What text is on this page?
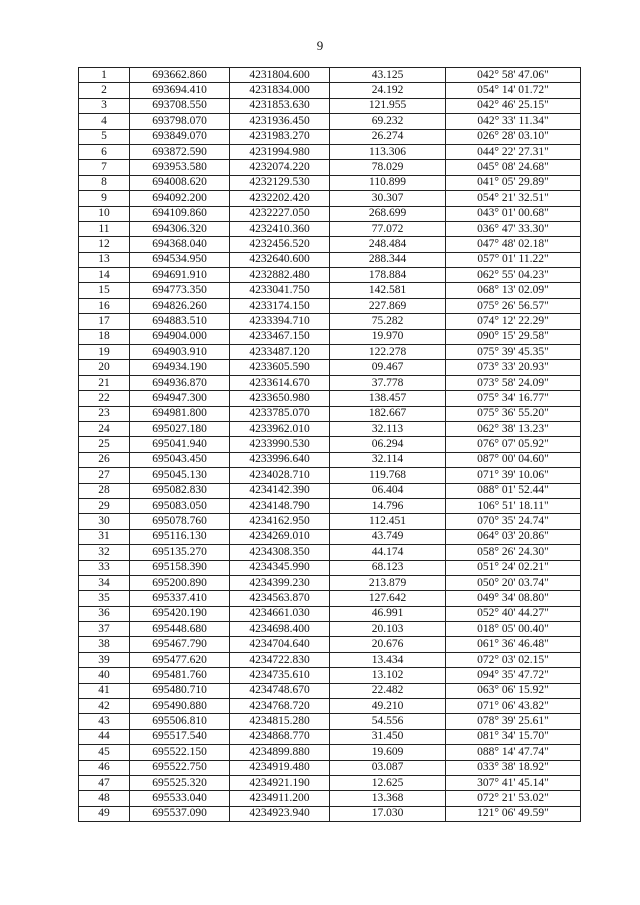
9
1	693662.860	4231804.600	43.125	042° 58' 47.06"
2	693694.410	4231834.000	24.192	054° 14' 01.72"
3	693708.550	4231853.630	121.955	042° 46' 25.15"
4	693798.070	4231936.450	69.232	042° 33' 11.34"
5	693849.070	4231983.270	26.274	026° 28' 03.10"
6	693872.590	4231994.980	113.306	044° 22' 27.31"
7	693953.580	4232074.220	78.029	045° 08' 24.68"
8	694008.620	4232129.530	110.899	041° 05' 29.89"
9	694092.200	4232202.420	30.307	054° 21' 32.51"
10	694109.860	4232227.050	268.699	043° 01' 00.68"
11	694306.320	4232410.360	77.072	036° 47' 33.30"
12	694368.040	4232456.520	248.484	047° 48' 02.18"
13	694534.950	4232640.600	288.344	057° 01' 11.22"
14	694691.910	4232882.480	178.884	062° 55' 04.23"
15	694773.350	4233041.750	142.581	068° 13' 02.09"
16	694826.260	4233174.150	227.869	075° 26' 56.57"
17	694883.510	4233394.710	75.282	074° 12' 22.29"
18	694904.000	4233467.150	19.970	090° 15' 29.58"
19	694903.910	4233487.120	122.278	075° 39' 45.35"
20	694934.190	4233605.590	09.467	073° 33' 20.93"
21	694936.870	4233614.670	37.778	073° 58' 24.09"
22	694947.300	4233650.980	138.457	075° 34' 16.77"
23	694981.800	4233785.070	182.667	075° 36' 55.20"
24	695027.180	4233962.010	32.113	062° 38' 13.23"
25	695041.940	4233990.530	06.294	076° 07' 05.92"
26	695043.450	4233996.640	32.114	087° 00' 04.60"
27	695045.130	4234028.710	119.768	071° 39' 10.06"
28	695082.830	4234142.390	06.404	088° 01' 52.44"
29	695083.050	4234148.790	14.796	106° 51' 18.11"
30	695078.760	4234162.950	112.451	070° 35' 24.74"
31	695116.130	4234269.010	43.749	064° 03' 20.86"
32	695135.270	4234308.350	44.174	058° 26' 24.30"
33	695158.390	4234345.990	68.123	051° 24' 02.21"
34	695200.890	4234399.230	213.879	050° 20' 03.74"
35	695337.410	4234563.870	127.642	049° 34' 08.80"
36	695420.190	4234661.030	46.991	052° 40' 44.27"
37	695448.680	4234698.400	20.103	018° 05' 00.40"
38	695467.790	4234704.640	20.676	061° 36' 46.48"
39	695477.620	4234722.830	13.434	072° 03' 02.15"
40	695481.760	4234735.610	13.102	094° 35' 47.72"
41	695480.710	4234748.670	22.482	063° 06' 15.92"
42	695490.880	4234768.720	49.210	071° 06' 43.82"
43	695506.810	4234815.280	54.556	078° 39' 25.61"
44	695517.540	4234868.770	31.450	081° 34' 15.70"
45	695522.150	4234899.880	19.609	088° 14' 47.74"
46	695522.750	4234919.480	03.087	033° 38' 18.92"
47	695525.320	4234921.190	12.625	307° 41' 45.14"
48	695533.040	4234911.200	13.368	072° 21' 53.02"
49	695537.090	4234923.940	17.030	121° 06' 49.59"
